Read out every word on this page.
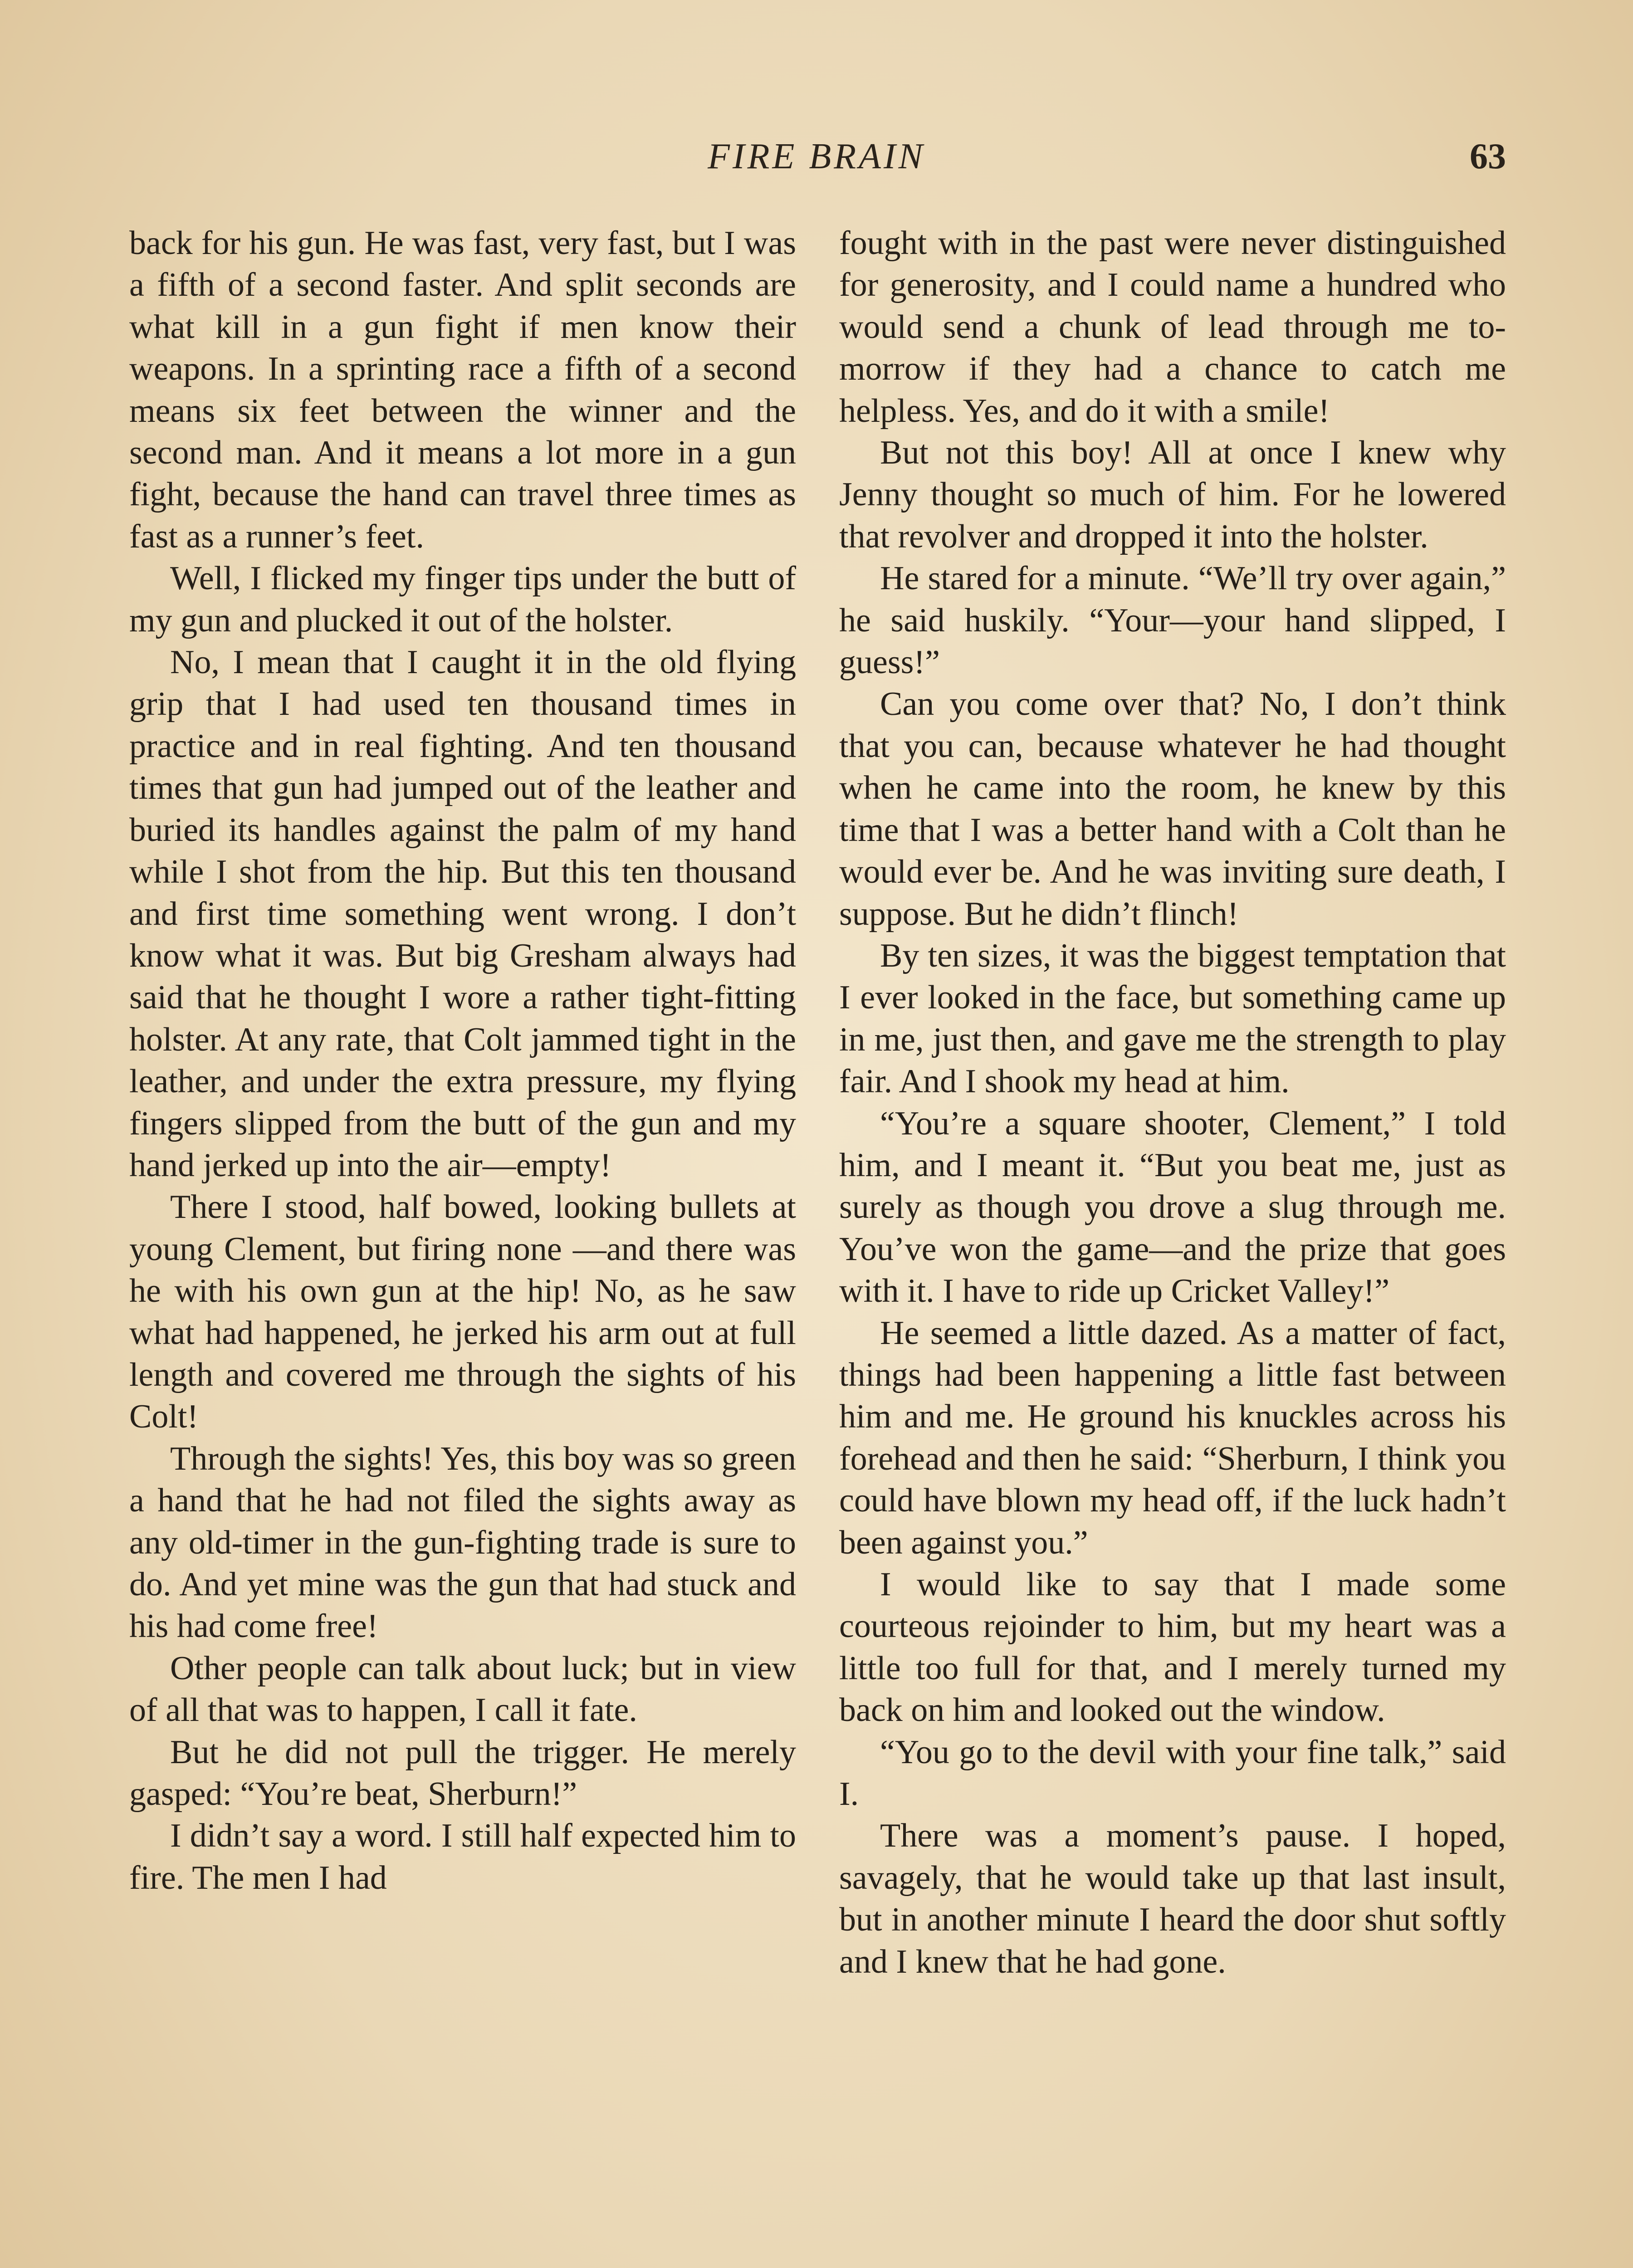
FIRE BRAIN	63

back for his gun. He was fast, very fast, but I was a fifth of a second faster. And split seconds are what kill in a gun fight if men know their weapons. In a sprinting race a fifth of a second means six feet between the winner and the second man. And it means a lot more in a gun fight, because the hand can travel three times as fast as a runner’s feet.

Well, I flicked my finger tips under the butt of my gun and plucked it out of the holster.

No, I mean that I caught it in the old flying grip that I had used ten thousand times in practice and in real fighting. And ten thousand times that gun had jumped out of the leather and buried its handles against the palm of my hand while I shot from the hip. But this ten thousand and first time something went wrong. I don’t know what it was. But big Gresham always had said that he thought I wore a rather tight-fitting holster. At any rate, that Colt jammed tight in the leather, and under the extra pressure, my flying fingers slipped from the butt of the gun and my hand jerked up into the air—empty!

There I stood, half bowed, looking bullets at young Clement, but firing none —and there was he with his own gun at the hip! No, as he saw what had happened, he jerked his arm out at full length and covered me through the sights of his Colt!

Through the sights! Yes, this boy was so green a hand that he had not filed the sights away as any old-timer in the gun-fighting trade is sure to do. And yet mine was the gun that had stuck and his had come free!

Other people can talk about luck; but in view of all that was to happen, I call it fate.

But he did not pull the trigger. He merely gasped: “You’re beat, Sherburn!”

I didn’t say a word. I still half expected him to fire. The men I had

fought with in the past were never distinguished for generosity, and I could name a hundred who would send a chunk of lead through me to-morrow if they had a chance to catch me helpless. Yes, and do it with a smile!

But not this boy! All at once I knew why Jenny thought so much of him. For he lowered that revolver and dropped it into the holster.

He stared for a minute. “We’ll try over again,” he said huskily. “Your—your hand slipped, I guess!”

Can you come over that? No, I don’t think that you can, because whatever he had thought when he came into the room, he knew by this time that I was a better hand with a Colt than he would ever be. And he was inviting sure death, I suppose. But he didn’t flinch!

By ten sizes, it was the biggest temptation that I ever looked in the face, but something came up in me, just then, and gave me the strength to play fair. And I shook my head at him.

“You’re a square shooter, Clement,” I told him, and I meant it. “But you beat me, just as surely as though you drove a slug through me. You’ve won the game—and the prize that goes with it. I have to ride up Cricket Valley!”

He seemed a little dazed. As a matter of fact, things had been happening a little fast between him and me. He ground his knuckles across his forehead and then he said: “Sherburn, I think you could have blown my head off, if the luck hadn’t been against you.”

I would like to say that I made some courteous rejoinder to him, but my heart was a little too full for that, and I merely turned my back on him and looked out the window.

“You go to the devil with your fine talk,” said I.

There was a moment’s pause. I hoped, savagely, that he would take up that last insult, but in another minute I heard the door shut softly and I knew that he had gone.
